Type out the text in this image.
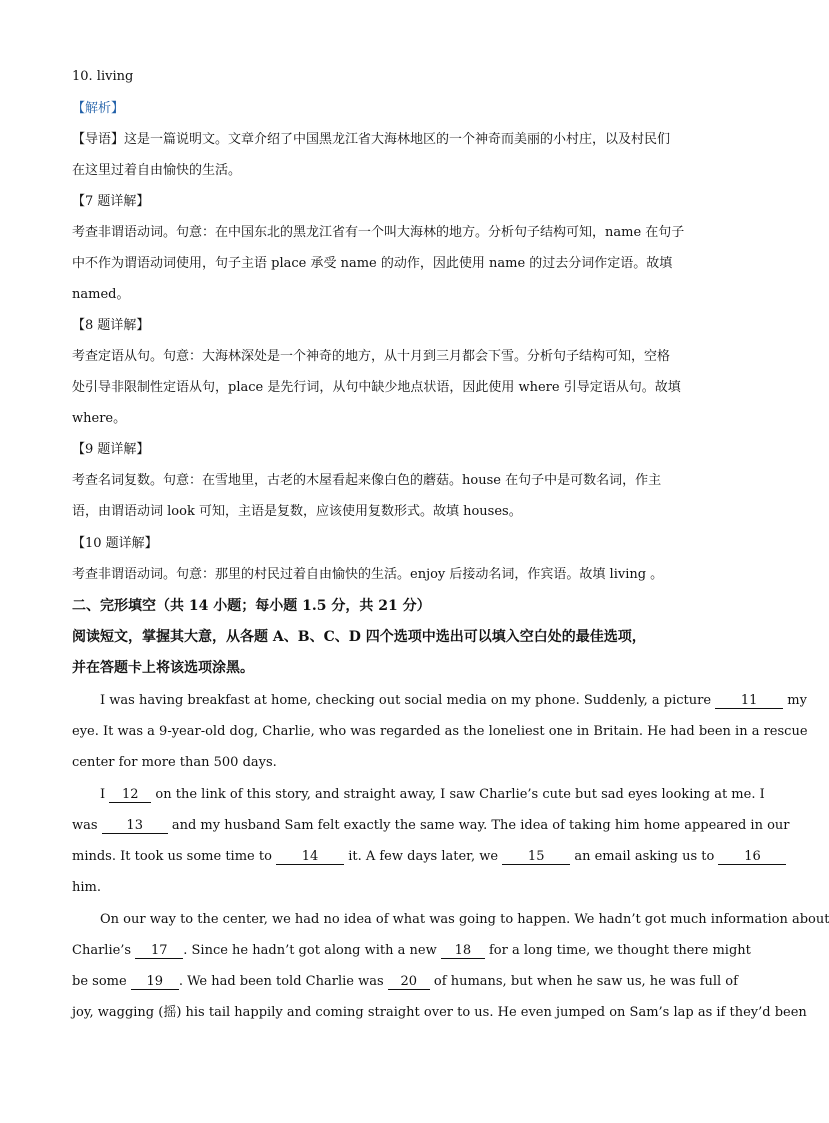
10. living
【解析】
【导语】这是一篇说明文。文章介绍了中国黑龙江省大海林地区的一个神奇而美丽的小村庄，以及村民们
在这里过着自由愉快的生活。
【7 题详解】
考查非谓语动词。句意：在中国东北的黑龙江省有一个叫大海林的地方。分析句子结构可知，name 在句子
中不作为谓语动词使用，句子主语 place 承受 name 的动作，因此使用 name 的过去分词作定语。故填
named。
【8 题详解】
考查定语从句。句意：大海林深处是一个神奇的地方，从十月到三月都会下雪。分析句子结构可知，空格
处引导非限制性定语从句，place 是先行词，从句中缺少地点状语，因此使用 where 引导定语从句。故填
where。
【9 题详解】
考查名词复数。句意：在雪地里，古老的木屋看起来像白色的蘑菇。house 在句子中是可数名词，作主
语，由谓语动词 look 可知，主语是复数，应该使用复数形式。故填 houses。
【10 题详解】
考查非谓语动词。句意：那里的村民过着自由愉快的生活。enjoy 后接动名词，作宾语。故填 living 。
二、完形填空（共 14 小题；每小题 1.5 分，共 21 分）
阅读短文，掌握其大意，从各题 A、B、C、D 四个选项中选出可以填入空白处的最佳选项，
并在答题卡上将该选项涂黑。
I was having breakfast at home, checking out social media on my phone. Suddenly, a picture 11 my
eye. It was a 9-year-old dog, Charlie, who was regarded as the loneliest one in Britain. He had been in a rescue
center for more than 500 days.
I 12 on the link of this story, and straight away, I saw Charlie’s cute but sad eyes looking at me. I
was 13 and my husband Sam felt exactly the same way. The idea of taking him home appeared in our
minds. It took us some time to 14 it. A few days later, we 15 an email asking us to 16
him.
On our way to the center, we had no idea of what was going to happen. We hadn’t got much information about
Charlie’s 17 . Since he hadn’t got along with a new 18 for a long time, we thought there might
be some 19 . We had been told Charlie was 20 of humans, but when he saw us, he was full of
joy, wagging (摇) his tail happily and coming straight over to us. He even jumped on Sam’s lap as if they’d been
